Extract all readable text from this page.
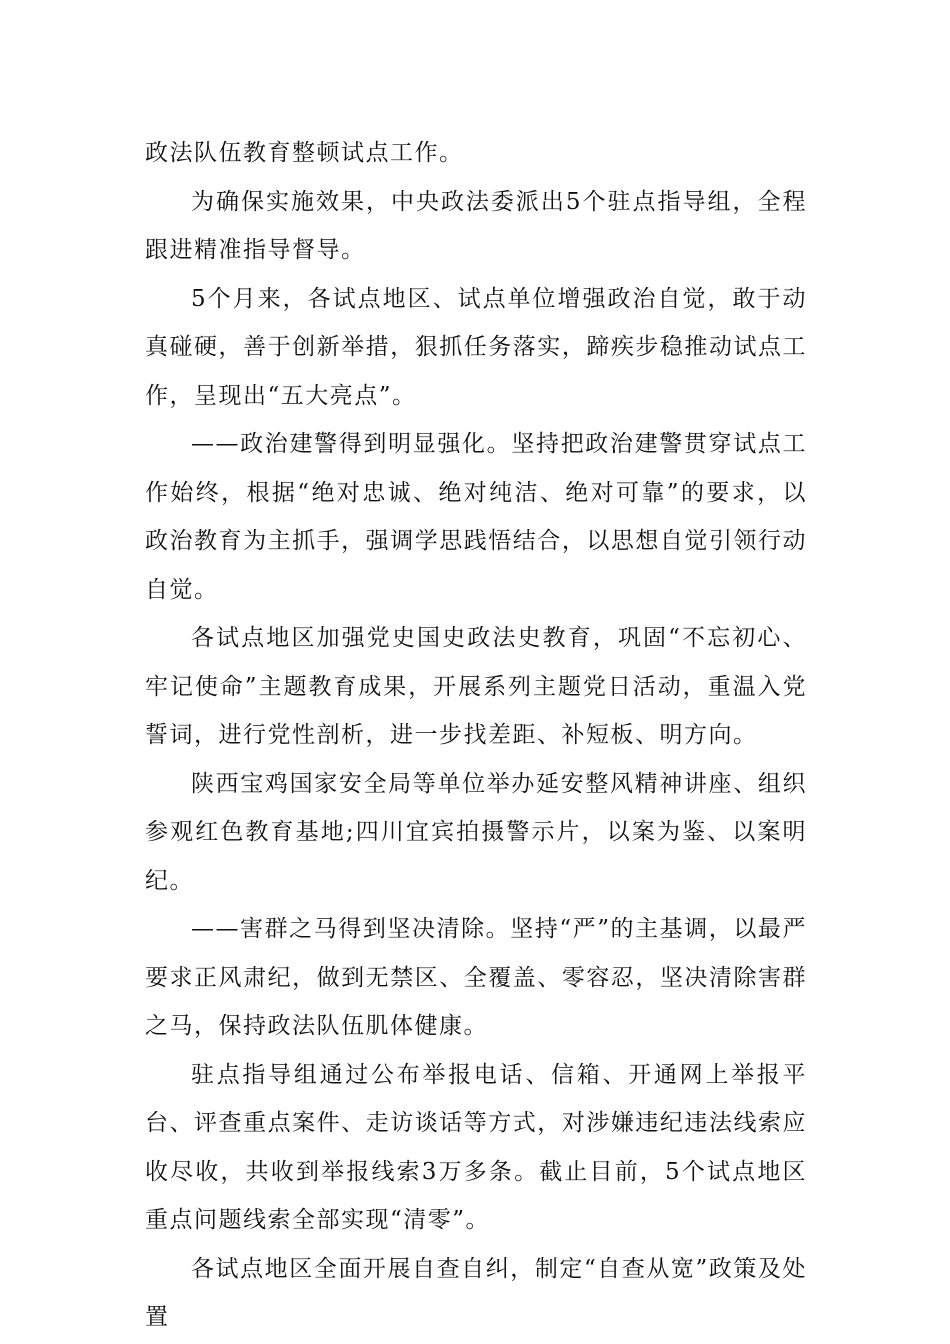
政法队伍教育整顿试点工作。

为确保实施效果，中央政法委派出5个驻点指导组，全程跟进精准指导督导。

5个月来，各试点地区、试点单位增强政治自觉，敢于动真碰硬，善于创新举措，狠抓任务落实，蹄疾步稳推动试点工作，呈现出“五大亮点”。

——政治建警得到明显强化。坚持把政治建警贯穿试点工作始终，根据“绝对忠诚、绝对纯洁、绝对可靠”的要求，以政治教育为主抓手，强调学思践悟结合，以思想自觉引领行动自觉。

各试点地区加强党史国史政法史教育，巩固“不忘初心、牢记使命”主题教育成果，开展系列主题党日活动，重温入党誓词，进行党性剖析，进一步找差距、补短板、明方向。

陕西宝鸡国家安全局等单位举办延安整风精神讲座、组织参观红色教育基地;四川宜宾拍摄警示片，以案为鉴、以案明纪。

——害群之马得到坚决清除。坚持“严”的主基调，以最严要求正风肃纪，做到无禁区、全覆盖、零容忍，坚决清除害群之马，保持政法队伍肌体健康。

驻点指导组通过公布举报电话、信箱、开通网上举报平台、评查重点案件、走访谈话等方式，对涉嫌违纪违法线索应收尽收，共收到举报线索3万多条。截止目前，5个试点地区重点问题线索全部实现“清零”。

各试点地区全面开展自查自纠，制定“自查从宽”政策及处置
